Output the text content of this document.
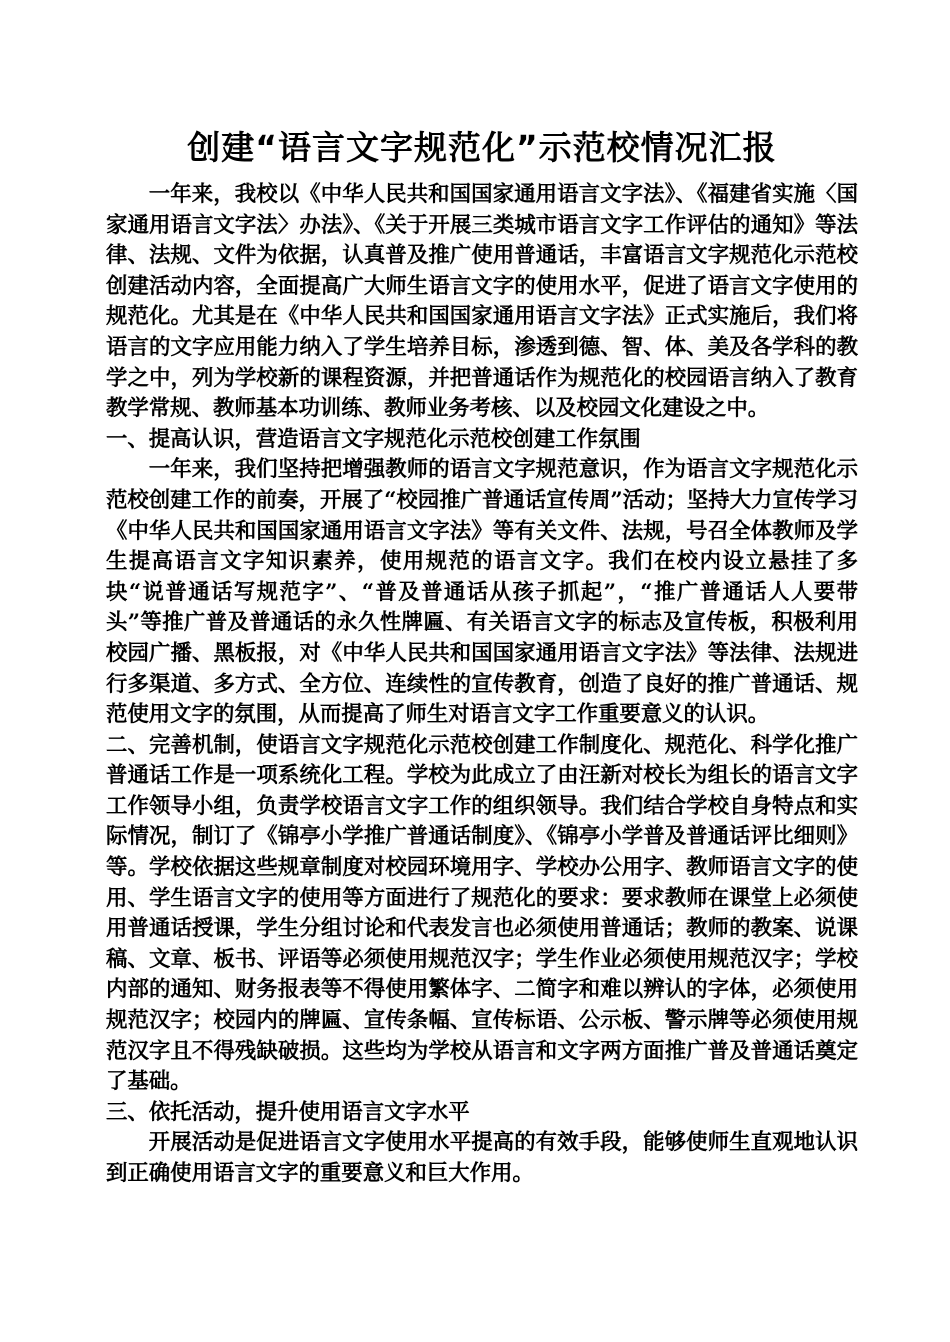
创建“语言文字规范化”示范校情况汇报

一年来，我校以《中华人民共和国国家通用语言文字法》、《福建省实施〈国家通用语言文字法〉办法》、《关于开展三类城市语言文字工作评估的通知》等法律、法规、文件为依据，认真普及推广使用普通话，丰富语言文字规范化示范校创建活动内容，全面提高广大师生语言文字的使用水平，促进了语言文字使用的规范化。尤其是在《中华人民共和国国家通用语言文字法》正式实施后，我们将语言的文字应用能力纳入了学生培养目标，渗透到德、智、体、美及各学科的教学之中，列为学校新的课程资源，并把普通话作为规范化的校园语言纳入了教育教学常规、教师基本功训练、教师业务考核、以及校园文化建设之中。

一、提高认识，营造语言文字规范化示范校创建工作氛围

一年来，我们坚持把增强教师的语言文字规范意识，作为语言文字规范化示范校创建工作的前奏，开展了“校园推广普通话宣传周”活动；坚持大力宣传学习《中华人民共和国国家通用语言文字法》等有关文件、法规，号召全体教师及学生提高语言文字知识素养，使用规范的语言文字。我们在校内设立悬挂了多块“说普通话写规范字”、“普及普通话从孩子抓起”，“推广普通话人人要带头”等推广普及普通话的永久性牌匾、有关语言文字的标志及宣传板，积极利用校园广播、黑板报，对《中华人民共和国国家通用语言文字法》等法律、法规进行多渠道、多方式、全方位、连续性的宣传教育，创造了良好的推广普通话、规范使用文字的氛围，从而提高了师生对语言文字工作重要意义的认识。

二、完善机制，使语言文字规范化示范校创建工作制度化、规范化、科学化推广普通话工作是一项系统化工程。学校为此成立了由汪新对校长为组长的语言文字工作领导小组，负责学校语言文字工作的组织领导。我们结合学校自身特点和实际情况，制订了《锦亭小学推广普通话制度》、《锦亭小学普及普通话评比细则》等。学校依据这些规章制度对校园环境用字、学校办公用字、教师语言文字的使用、学生语言文字的使用等方面进行了规范化的要求：要求教师在课堂上必须使用普通话授课，学生分组讨论和代表发言也必须使用普通话；教师的教案、说课稿、文章、板书、评语等必须使用规范汉字；学生作业必须使用规范汉字；学校内部的通知、财务报表等不得使用繁体字、二简字和难以辨认的字体，必须使用规范汉字；校园内的牌匾、宣传条幅、宣传标语、公示板、警示牌等必须使用规范汉字且不得残缺破损。这些均为学校从语言和文字两方面推广普及普通话奠定了基础。

三、依托活动，提升使用语言文字水平

开展活动是促进语言文字使用水平提高的有效手段，能够使师生直观地认识到正确使用语言文字的重要意义和巨大作用。
